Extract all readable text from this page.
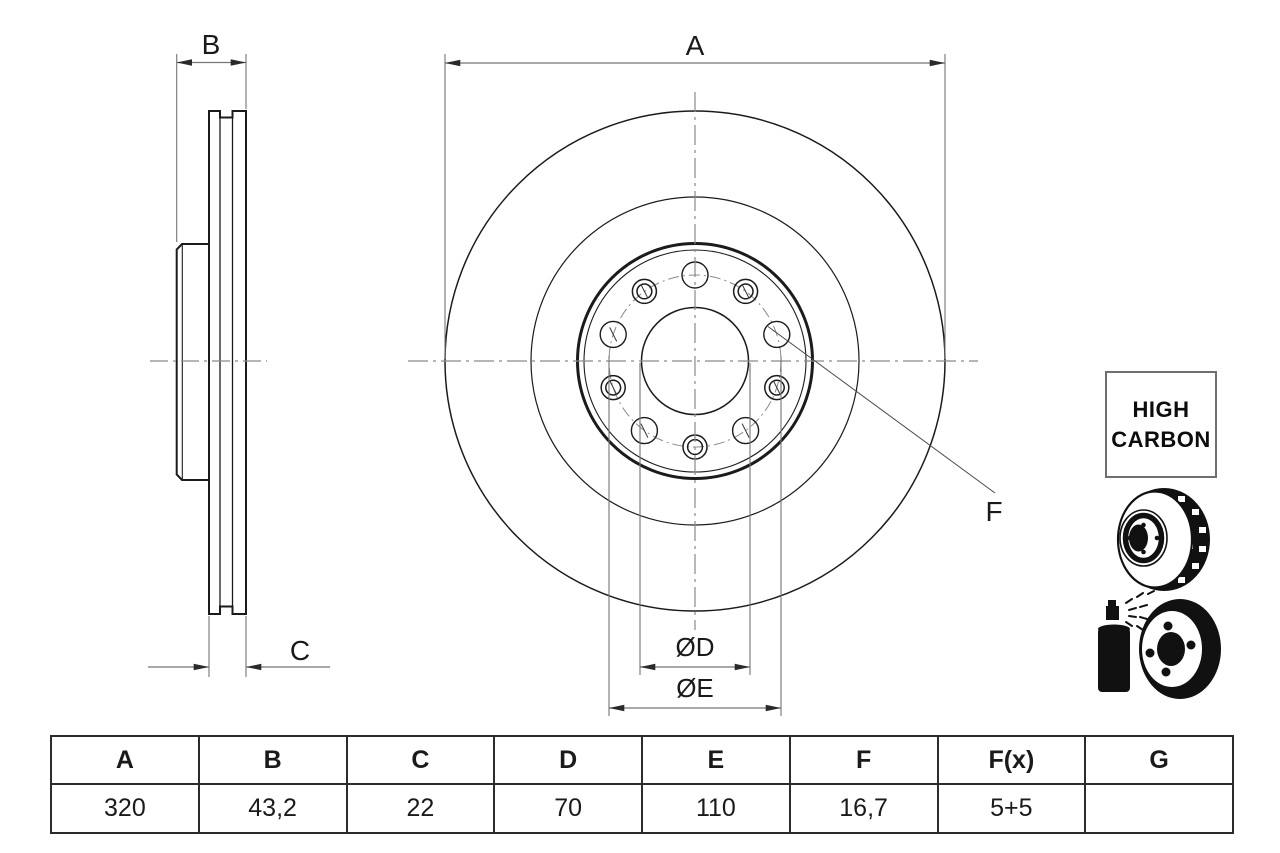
B
C
A
ØD
ØE
F
HIGH
CARBON
A	B	C	D	E	F	F(x)	G
320	43,2	22	70	110	16,7	5+5	
